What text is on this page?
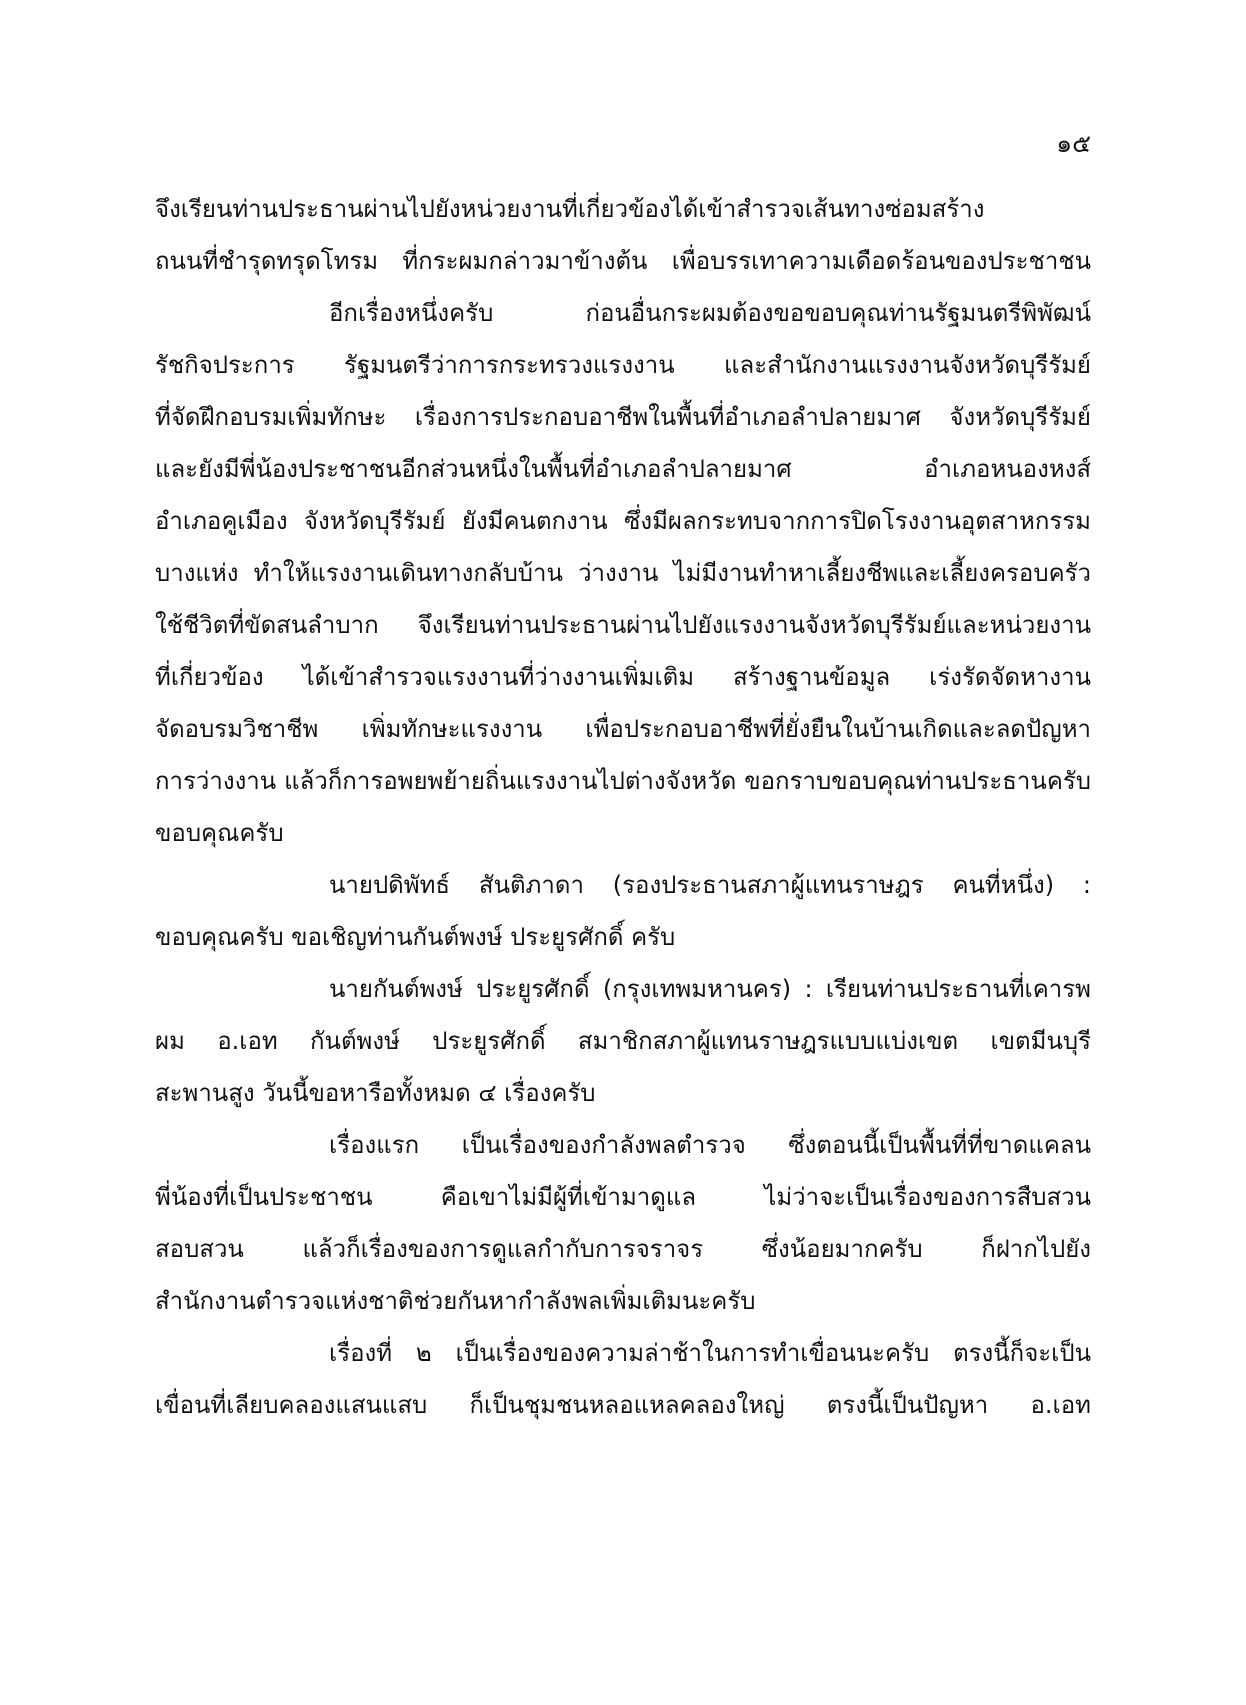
๑๕
จึงเรียนท่านประธานผ่านไปยังหน่วยงานที่เกี่ยวข้องได้เข้าสำรวจเส้นทางซ่อมสร้าง
ถนนที่ชำรุดทรุดโทรม ที่กระผมกล่าวมาข้างต้น เพื่อบรรเทาความเดือดร้อนของประชาชน
อีกเรื่องหนึ่งครับ ก่อนอื่นกระผมต้องขอขอบคุณท่านรัฐมนตรีพิพัฒน์
รัชกิจประการ รัฐมนตรีว่าการกระทรวงแรงงาน และสำนักงานแรงงานจังหวัดบุรีรัมย์
ที่จัดฝึกอบรมเพิ่มทักษะ เรื่องการประกอบอาชีพในพื้นที่อำเภอลำปลายมาศ จังหวัดบุรีรัมย์
และยังมีพี่น้องประชาชนอีกส่วนหนึ่งในพื้นที่อำเภอลำปลายมาศ อำเภอหนองหงส์
อำเภอคูเมือง จังหวัดบุรีรัมย์ ยังมีคนตกงาน ซึ่งมีผลกระทบจากการปิดโรงงานอุตสาหกรรม
บางแห่ง ทำให้แรงงานเดินทางกลับบ้าน ว่างงาน ไม่มีงานทำหาเลี้ยงชีพและเลี้ยงครอบครัว
ใช้ชีวิตที่ขัดสนลำบาก จึงเรียนท่านประธานผ่านไปยังแรงงานจังหวัดบุรีรัมย์และหน่วยงาน
ที่เกี่ยวข้อง ได้เข้าสำรวจแรงงานที่ว่างงานเพิ่มเติม สร้างฐานข้อมูล เร่งรัดจัดหางาน
จัดอบรมวิชาชีพ เพิ่มทักษะแรงงาน เพื่อประกอบอาชีพที่ยั่งยืนในบ้านเกิดและลดปัญหา
การว่างงาน แล้วก็การอพยพย้ายถิ่นแรงงานไปต่างจังหวัด ขอกราบขอบคุณท่านประธานครับ
ขอบคุณครับ
นายปดิพัทธ์ สันติภาดา (รองประธานสภาผู้แทนราษฎร คนที่หนึ่ง) :
ขอบคุณครับ ขอเชิญท่านกันต์พงษ์ ประยูรศักดิ์ ครับ
นายกันต์พงษ์ ประยูรศักดิ์ (กรุงเทพมหานคร) : เรียนท่านประธานที่เคารพ
ผม อ.เอท กันต์พงษ์ ประยูรศักดิ์ สมาชิกสภาผู้แทนราษฎรแบบแบ่งเขต เขตมีนบุรี
สะพานสูง วันนี้ขอหารือทั้งหมด ๔ เรื่องครับ
เรื่องแรก เป็นเรื่องของกำลังพลตำรวจ ซึ่งตอนนี้เป็นพื้นที่ที่ขาดแคลน
พี่น้องที่เป็นประชาชน คือเขาไม่มีผู้ที่เข้ามาดูแล ไม่ว่าจะเป็นเรื่องของการสืบสวน
สอบสวน แล้วก็เรื่องของการดูแลกำกับการจราจร ซึ่งน้อยมากครับ ก็ฝากไปยัง
สำนักงานตำรวจแห่งชาติช่วยกันหากำลังพลเพิ่มเติมนะครับ
เรื่องที่ ๒ เป็นเรื่องของความล่าช้าในการทำเขื่อนนะครับ ตรงนี้ก็จะเป็น
เขื่อนที่เลียบคลองแสนแสบ ก็เป็นชุมชนหลอแหลคลองใหญ่ ตรงนี้เป็นปัญหา อ.เอท
